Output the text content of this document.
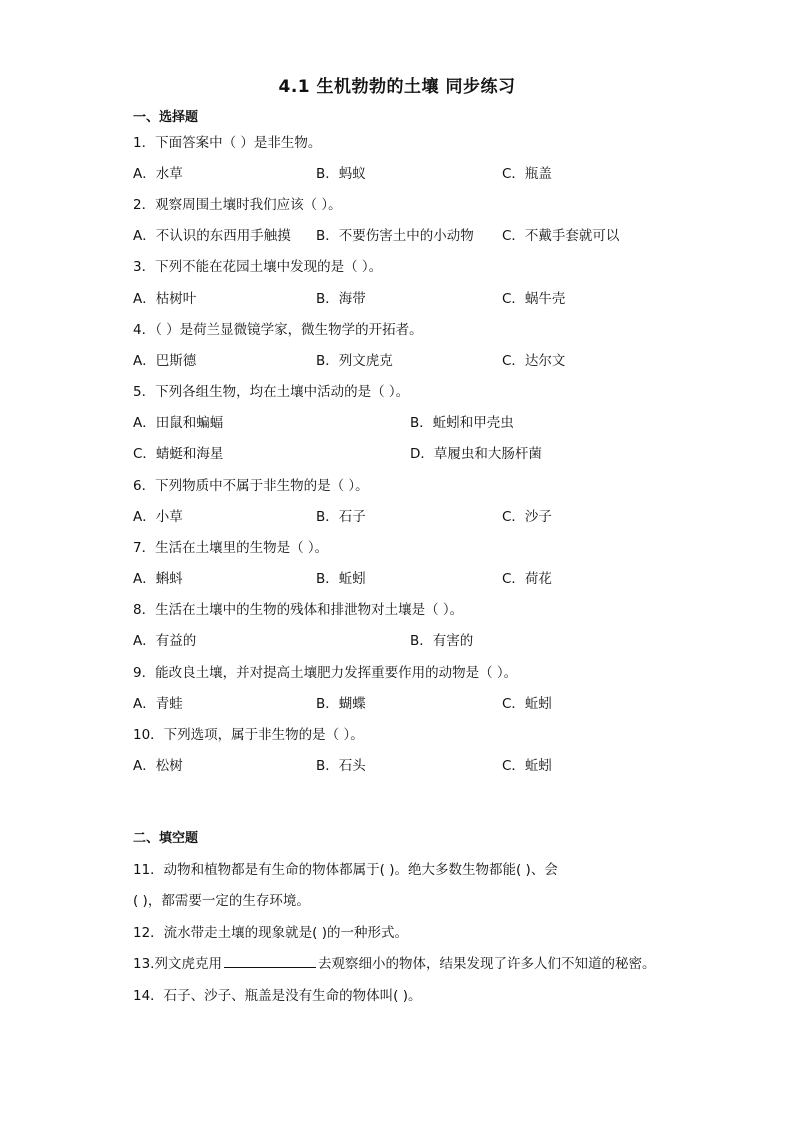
4.1 生机勃勃的土壤 同步练习
一、选择题
1．下面答案中（ ）是非生物。
A．水草	B．蚂蚁	C．瓶盖
2．观察周围土壤时我们应该（ ）。
A．不认识的东西用手触摸 B．不要伤害土中的小动物 C．不戴手套就可以
3．下列不能在花园土壤中发现的是（ ）。
A．枯树叶	B．海带	C．蜗牛壳
4．（ ）是荷兰显微镜学家，微生物学的开拓者。
A．巴斯德	B．列文虎克	C．达尔文
5．下列各组生物，均在土壤中活动的是（ ）。
A．田鼠和蝙蝠	B．蚯蚓和甲壳虫
C．蜻蜓和海星	D．草履虫和大肠杆菌
6．下列物质中不属于非生物的是（ ）。
A．小草	B．石子	C．沙子
7．生活在土壤里的生物是（ ）。
A．蝌蚪	B．蚯蚓	C．荷花
8．生活在土壤中的生物的残体和排泄物对土壤是（ ）。
A．有益的	B．有害的
9．能改良土壤，并对提高土壤肥力发挥重要作用的动物是（ ）。
A．青蛙	B．蝴蝶	C．蚯蚓
10．下列选项，属于非生物的是（ ）。
A．松树	B．石头	C．蚯蚓
二、填空题
11．动物和植物都是有生命的物体都属于( )。绝大多数生物都能( )、会
( )，都需要一定的生存环境。
12．流水带走土壤的现象就是( )的一种形式。
13.列文虎克用	去观察细小的物体，结果发现了许多人们不知道的秘密。
14．石子、沙子、瓶盖是没有生命的物体叫( )。
